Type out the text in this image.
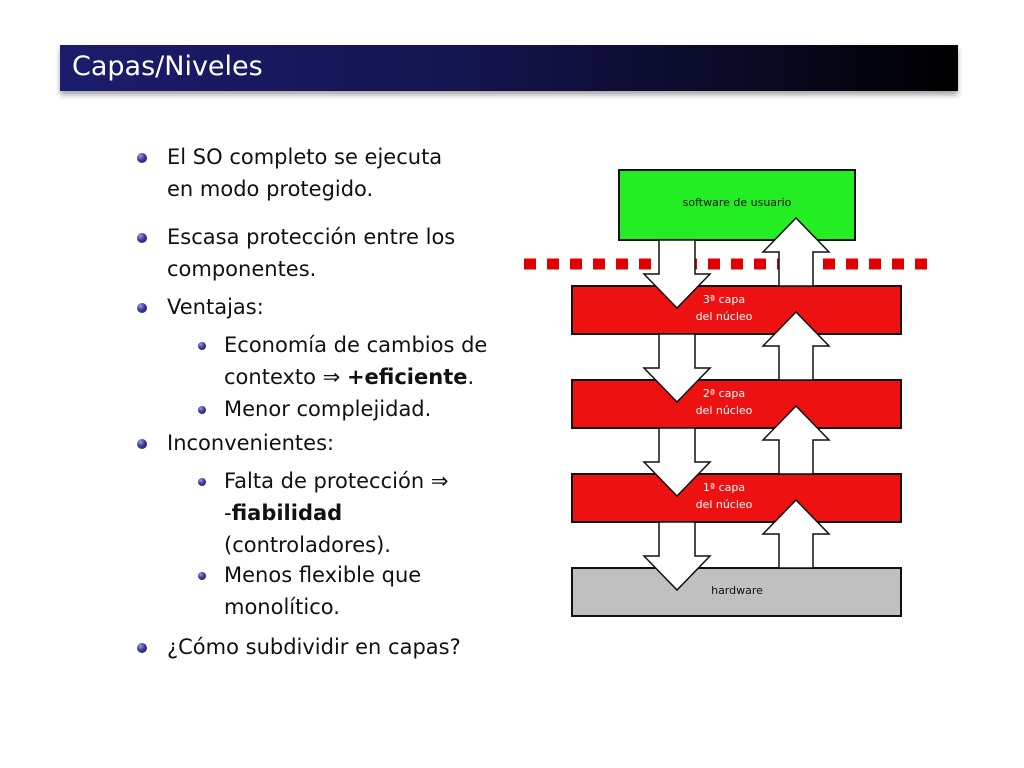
Capas/Niveles
El SO completo se ejecuta
en modo protegido.
Escasa protección entre los
componentes.
Ventajas:
Economía de cambios de
contexto ⇒ +eficiente.
Menor complejidad.
Inconvenientes:
Falta de protección ⇒
-fiabilidad
(controladores).
Menos flexible que
monolítico.
¿Cómo subdividir en capas?
software de usuario
3ª capa
del núcleo
2ª capa
del núcleo
1ª capa
del núcleo
hardware
